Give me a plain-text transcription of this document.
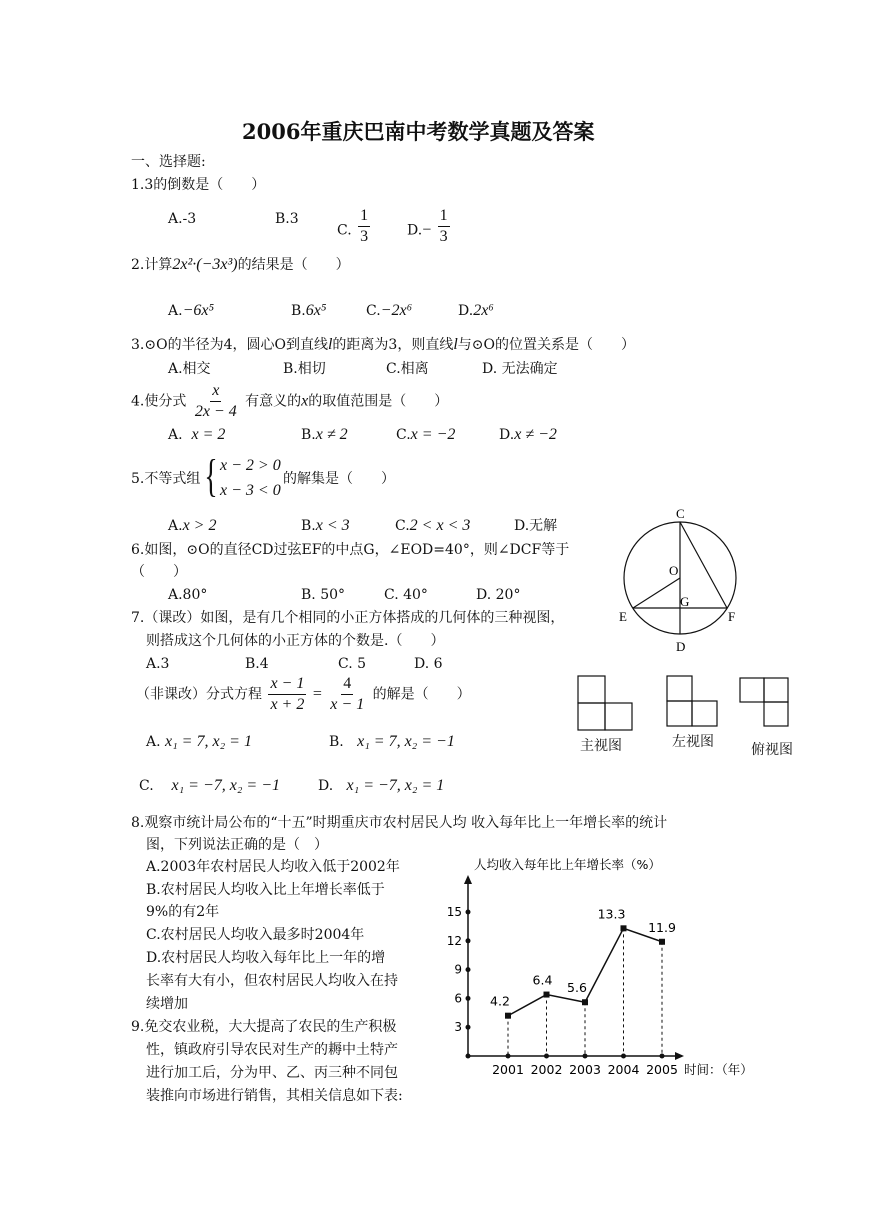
2006年重庆巴南中考数学真题及答案
一、选择题:
1.3的倒数是（　　）
A.-3	B.3
C. $\frac{1}{3}$	$D.- \frac{1}{3}$
2.计算2x²·(−3x³)的结果是（　　）
A.−6x⁵	B.6x⁵	C.−2x⁶	D.2x⁶
3.⊙O的半径为4，圆心O到直线l的距离为3，则直线l与⊙O的位置关系是（　　）
A.相交	B.相切	C.相离	D. 无法确定
4.使分式 $\frac{x}{2x - 4}$ 有意义的x的取值范围是（　　）
A. x = 2	B.x ≠ 2	C.x = −2	D.x ≠ −2
5.不等式组 { x − 2 > 0
x − 3 < 0
的解集是（　　）
A.x > 2	B.x < 3	C.2 < x < 3	D.无解
6.如图，⊙O的直径CD过弦EF的中点G，∠EOD=40°，则∠DCF等于
（　　）
A.80°	B. 50°	C. 40°	D. 20°
C
O
G
E	F
D
7.（课改）如图，是有几个相同的小正方体搭成的几何体的三种视图，
则搭成这个几何体的小正方体的个数是.（　　）
A.3	B.4	C. 5	D. 6
（非课改）分式方程 $\frac{x - 1}{x + 2} = \frac{4}{x - 1}$ 的解是（　　）
A. x₁ = 7, x₂ = 1	B. x₁ = 7, x₂ = −1
C. x₁ = −7, x₂ = −1	D. x₁ = −7, x₂ = 1
主视图	左视图	俯视图
8.观察市统计局公布的“十五”时期重庆市农村居民人均 收入每年比上一年增长率的统计
图，下列说法正确的是（　）
A.2003年农村居民人均收入低于2002年
B.农村居民人均收入比上年增长率低于
9%的有2年
C.农村居民人均收入最多时2004年
D.农村居民人均收入每年比上一年的增
长率有大有小，但农村居民人均收入在持
续增加
9.免交农业税，大大提高了农民的生产积极
性，镇政府引导农民对生产的耨中土特产
进行加工后，分为甲、乙、丙三种不同包
装推向市场进行销售，其相关信息如下表:
人均收入每年比上年增长率（%）
时间：（年）
3
6
9
12
15
2001 2002 2003 2004 2005
4.2
6.4
5.6
13.3
11.9
